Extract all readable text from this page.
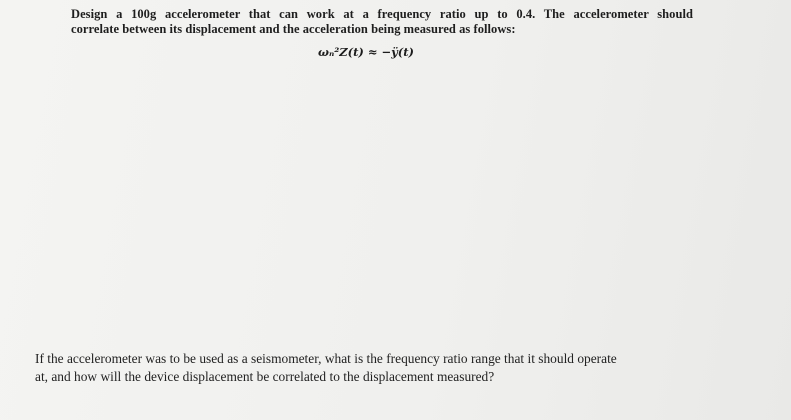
Design a 100g accelerometer that can work at a frequency ratio up to 0.4. The accelerometer should
correlate between its displacement and the acceleration being measured as follows:

ωₙ²Z(t) ≈ −ÿ(t)

If the accelerometer was to be used as a seismometer, what is the frequency ratio range that it should operate
at, and how will the device displacement be correlated to the displacement measured?
